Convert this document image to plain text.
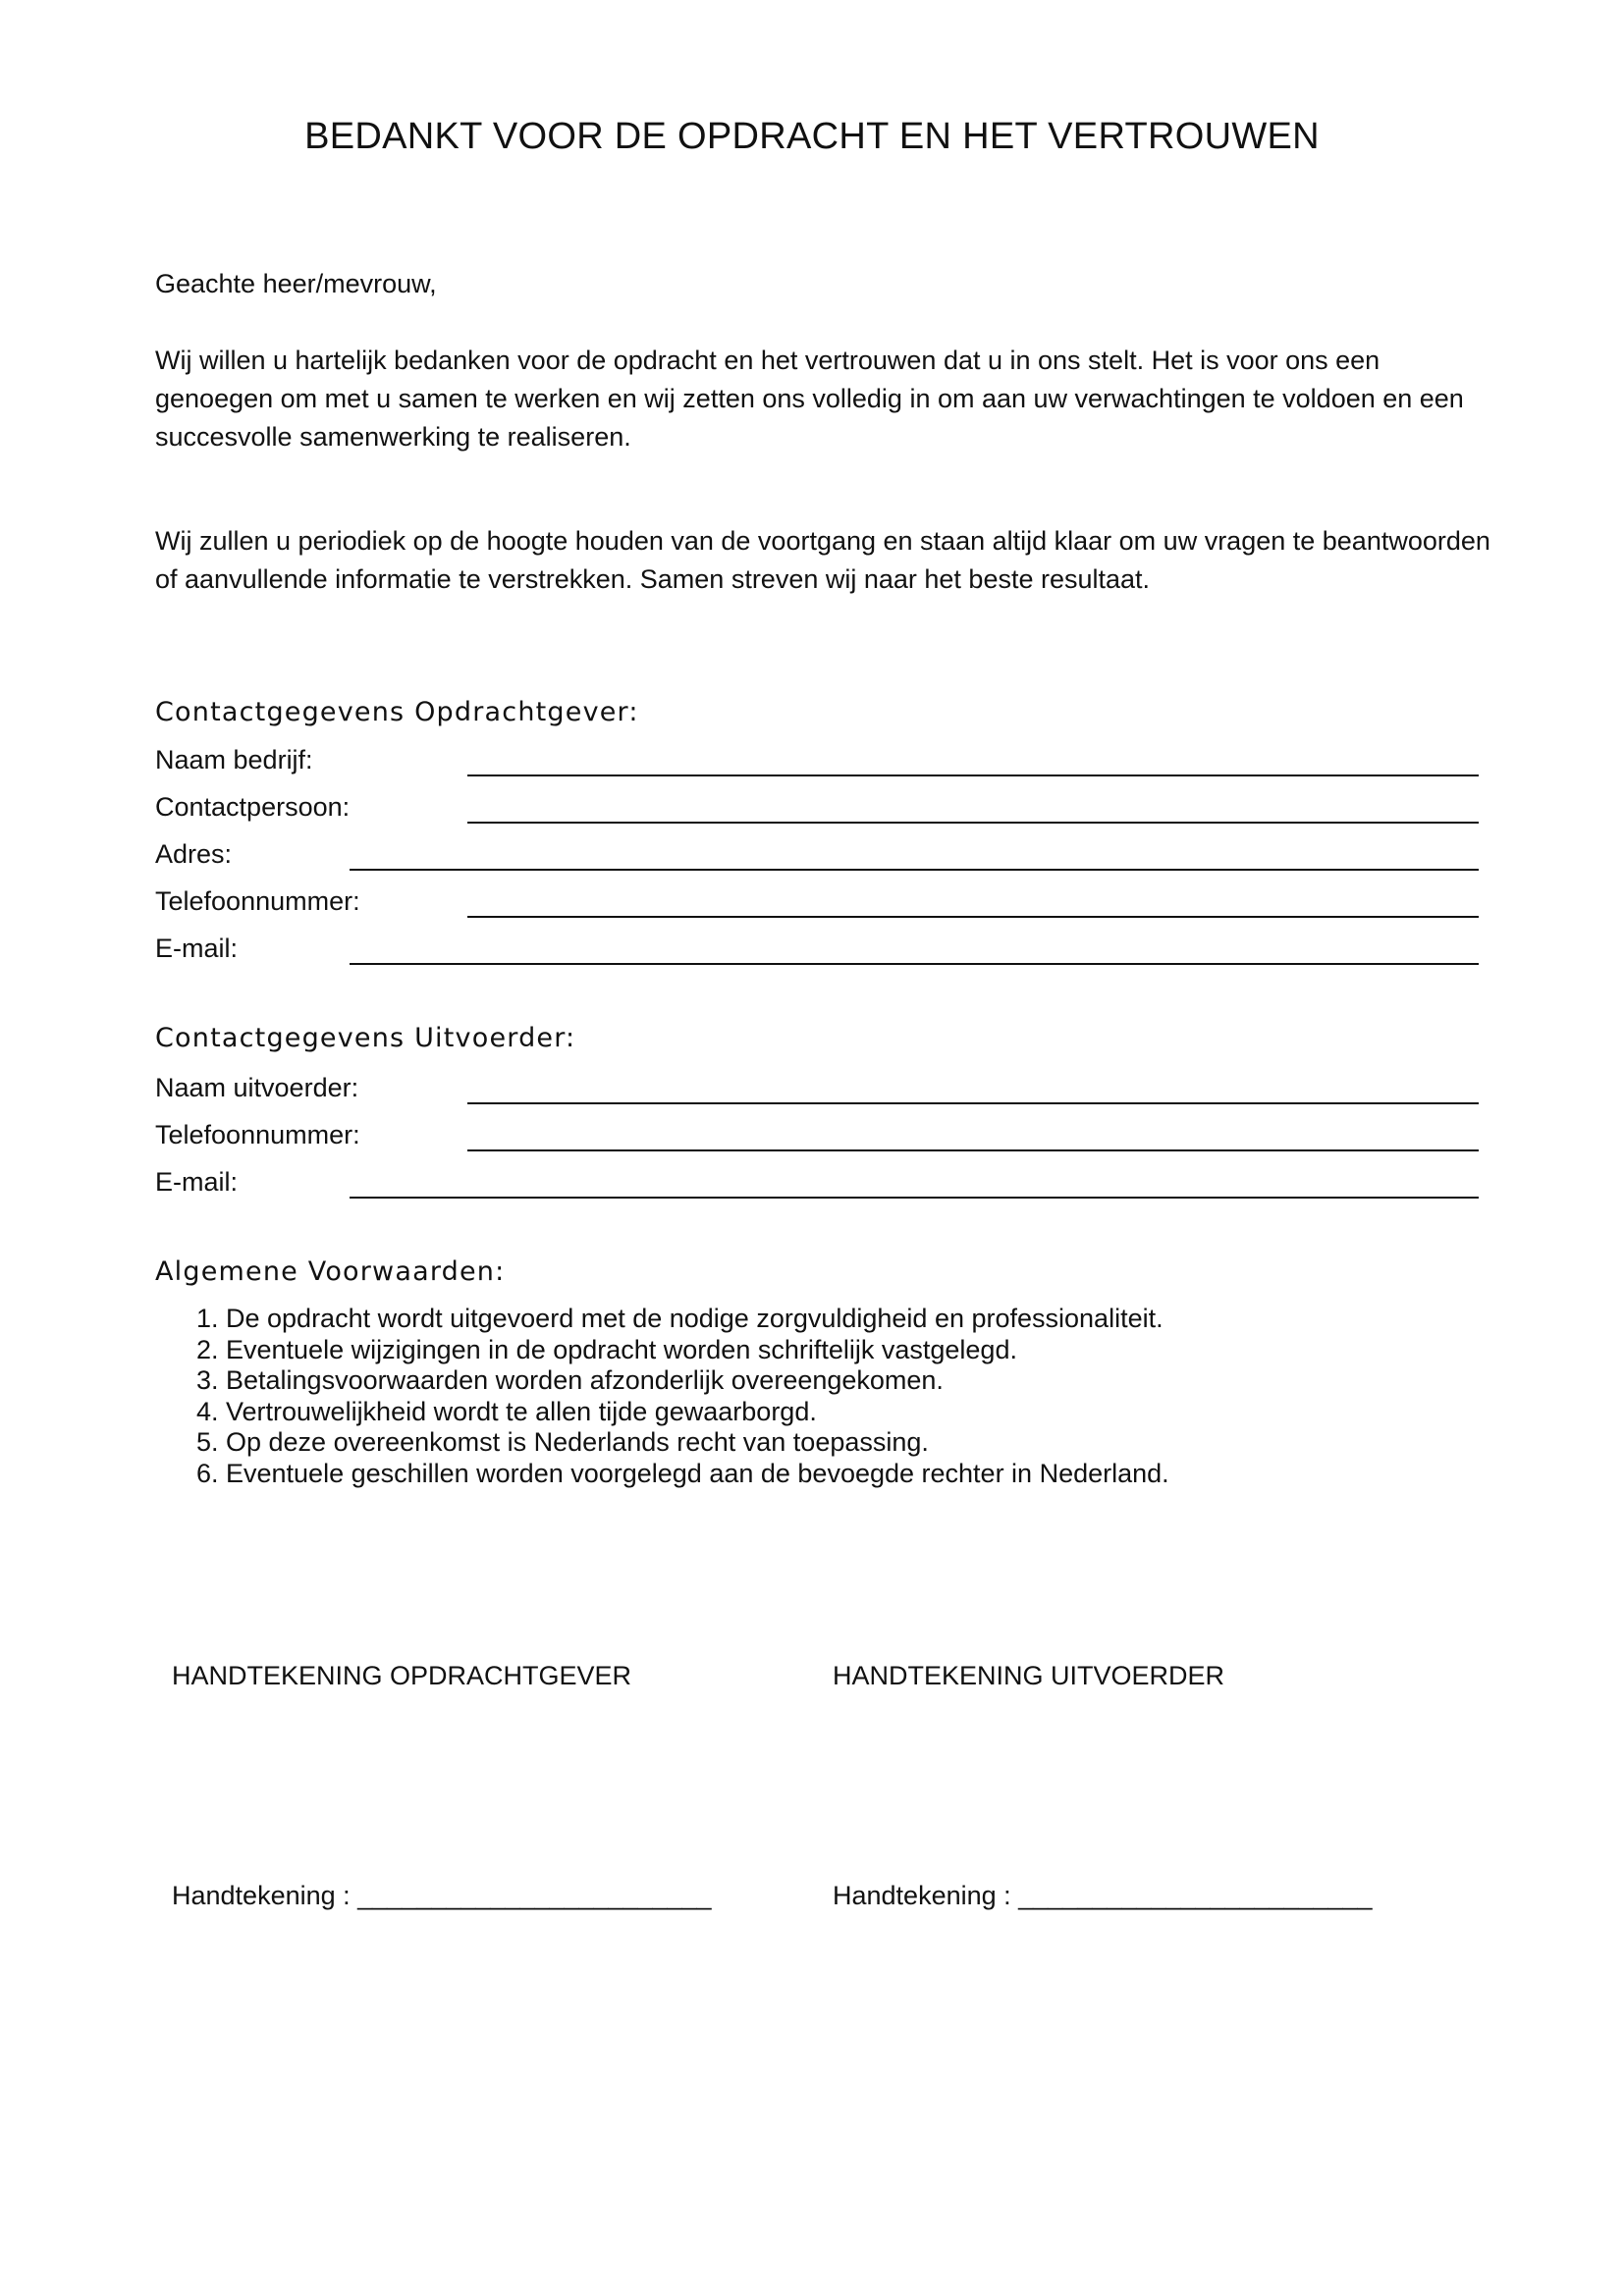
BEDANKT VOOR DE OPDRACHT EN HET VERTROUWEN
Geachte heer/mevrouw,
Wij willen u hartelijk bedanken voor de opdracht en het vertrouwen dat u in ons stelt. Het is voor ons een genoegen om met u samen te werken en wij zetten ons volledig in om aan uw verwachtingen te voldoen en een succesvolle samenwerking te realiseren.
Wij zullen u periodiek op de hoogte houden van de voortgang en staan altijd klaar om uw vragen te beantwoorden of aanvullende informatie te verstrekken. Samen streven wij naar het beste resultaat.
Contactgegevens Opdrachtgever:
Naam bedrijf:
Contactpersoon:
Adres:
Telefoonnummer:
E-mail:
Contactgegevens Uitvoerder:
Naam uitvoerder:
Telefoonnummer:
E-mail:
Algemene Voorwaarden:
1. De opdracht wordt uitgevoerd met de nodige zorgvuldigheid en professionaliteit.
2. Eventuele wijzigingen in de opdracht worden schriftelijk vastgelegd.
3. Betalingsvoorwaarden worden afzonderlijk overeengekomen.
4. Vertrouwelijkheid wordt te allen tijde gewaarborgd.
5. Op deze overeenkomst is Nederlands recht van toepassing.
6. Eventuele geschillen worden voorgelegd aan de bevoegde rechter in Nederland.
HANDTEKENING OPDRACHTGEVER	HANDTEKENING UITVOERDER
Handtekening : ________________________	Handtekening : ________________________
